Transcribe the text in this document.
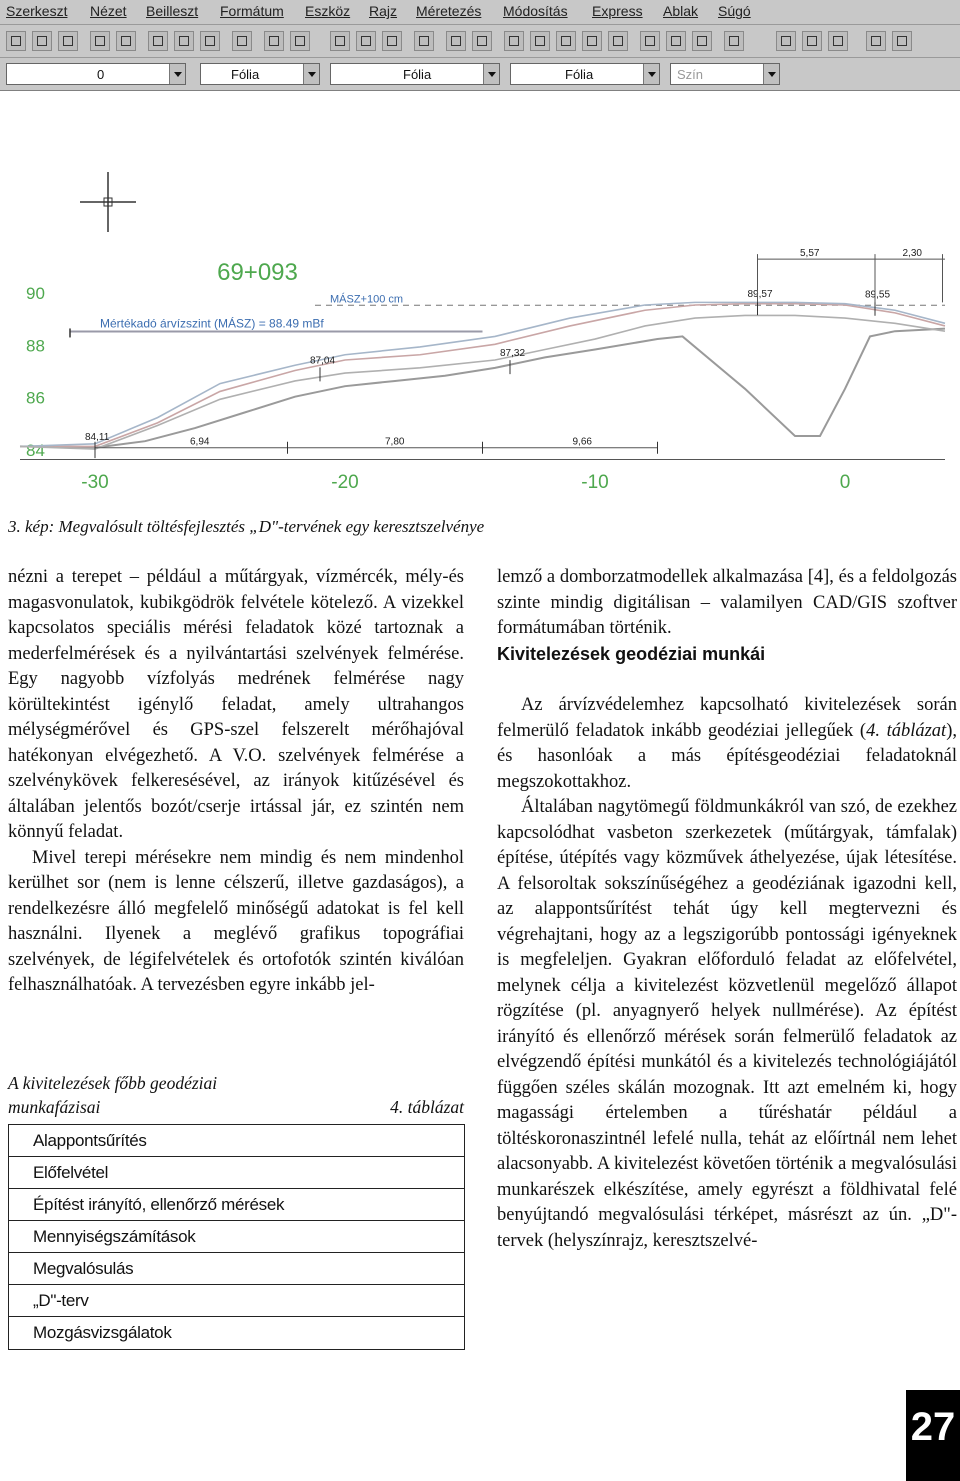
Szerkeszt Nézet Beilleszt Formátum Eszköz Rajz Méretezés Módosítás Express Ablak Súgó
0	Fólia	Fólia	Fólia	Szín
84
86
88
90
-30	-20	-10	0
69+093
Mértékadó árvízszint (MÁSZ) = 88.49 mBf
MÁSZ+100 cm
84,11
87,04
87,32
89,57	89,55
6,94	7,80	9,66
5,57	2,30
3. kép: Megvalósult töltésfejlesztés „D"-tervének egy keresztszelvénye

nézni a terepet – például a műtárgyak, vízmércék, mély-és magasvonulatok, kubikgödrök felvétele kötelező. A vizekkel kapcsolatos speciális mérési feladatok közé tartoznak a mederfelmérések és a nyilvántartási szelvények felmérése. Egy nagyobb vízfolyás medrének felmérése nagy körültekintést igénylő feladat, amely ultrahangos mélységmérővel és GPS-szel felszerelt mérőhajóval hatékonyan elvégezhető. A V.O. szelvények felmérése a szelvénykövek felkeresésével, az irányok kitűzésével és általában jelentős bozót/cserje irtással jár, ez szintén nem könnyű feladat.

Mivel terepi mérésekre nem mindig és nem mindenhol kerülhet sor (nem is lenne célszerű, illetve gazdaságos), a rendelkezésre álló megfelelő minőségű adatokat is fel kell használni. Ilyenek a meglévő grafikus topográfiai szelvények, de légifelvételek és ortofotók szintén kiválóan felhasználhatóak. A tervezésben egyre inkább jel-

A kivitelezések főbb geodéziai munkafázisai	4. táblázat
Alappontsűrítés
Előfelvétel
Építést irányító, ellenőrző mérések
Mennyiségszámítások
Megvalósulás
„D"-terv
Mozgásvizsgálatok

lemző a domborzatmodellek alkalmazása [4], és a feldolgozás szinte mindig digitálisan – valamilyen CAD/GIS szoftver formátumában történik.

Kivitelezések geodéziai munkái

Az árvízvédelemhez kapcsolható kivitelezések során felmerülő feladatok inkább geodéziai jellegűek (4. táblázat), és hasonlóak a más építésgeodéziai feladatoknál megszokottakhoz.

Általában nagytömegű földmunkákról van szó, de ezekhez kapcsolódhat vasbeton szerkezetek (műtárgyak, támfalak) építése, útépítés vagy közművek áthelyezése, újak létesítése. A felsoroltak sokszínűségéhez a geodéziának igazodni kell, az alappontsűrítést tehát úgy kell megtervezni és végrehajtani, hogy az a legszigorúbb pontossági igényeknek is megfeleljen. Gyakran előforduló feladat az előfelvétel, melynek célja a kivitelezést közvetlenül megelőző állapot rögzítése (pl. anyagnyerő helyek nullmérése). Az építést irányító és ellenőrző mérések során felmerülő feladatok az elvégzendő építési munkától és a kivitelezés technológiájától függően széles skálán mozognak. Itt azt emelném ki, hogy magassági értelemben a tűréshatár például a töltéskoronaszintnél lefelé nulla, tehát az előírtnál nem lehet alacsonyabb. A kivitelezést követően történik a megvalósulási munkarészek elkészítése, amely egyrészt a földhivatal felé benyújtandó megvalósulási térképet, másrészt az ún. „D"-tervek (helyszínrajz, keresztszelvé-

27
